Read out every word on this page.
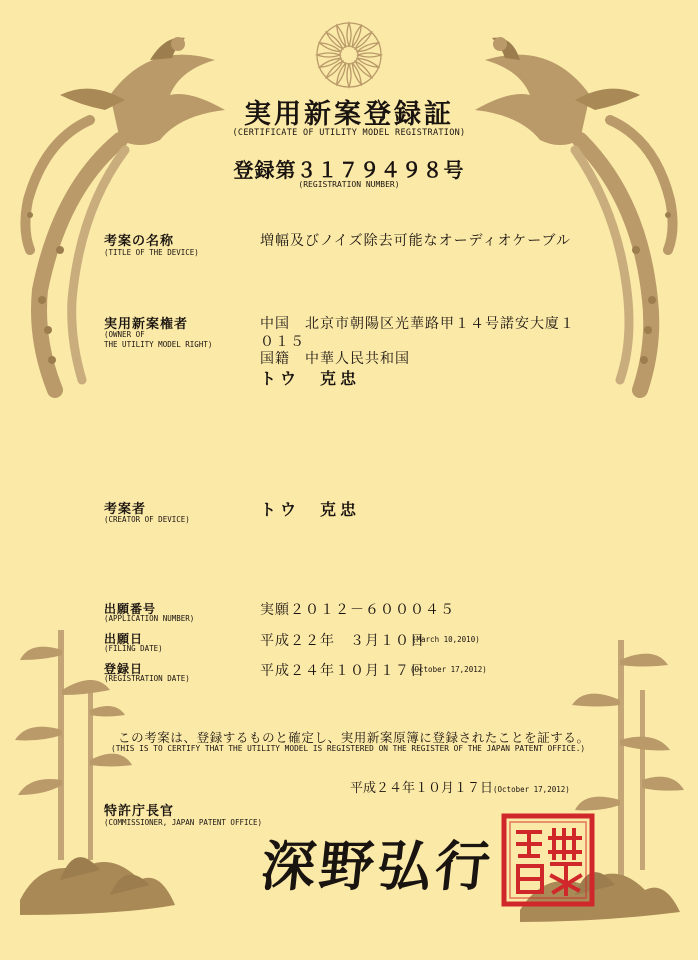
実用新案登録証
(CERTIFICATE OF UTILITY MODEL REGISTRATION)
登録第３１７９４９８号
(REGISTRATION NUMBER)
考案の名称
(TITLE OF THE DEVICE)
増幅及びノイズ除去可能なオーディオケーブル
実用新案権者
(OWNER OF
THE UTILITY MODEL RIGHT)
中国　北京市朝陽区光華路甲１４号諾安大廈１
０１５
国籍　中華人民共和国
トウ　克忠
考案者
(CREATOR OF DEVICE)
トウ　克忠
出願番号
(APPLICATION NUMBER)
実願２０１２－６０００４５
出願日
(FILING DATE)	平成２２年　３月１０日
(March 10,2010)
登録日
(REGISTRATION DATE)	平成２４年１０月１７日
(October 17,2012)
この考案は、登録するものと確定し、実用新案原簿に登録されたことを証する。
(THIS IS TO CERTIFY THAT THE UTILITY MODEL IS REGISTERED ON THE REGISTER OF THE JAPAN PATENT OFFICE.)
平成２４年１０月１７日(October 17,2012)
特許庁長官
(COMMISSIONER, JAPAN PATENT OFFICE)
深野弘行
